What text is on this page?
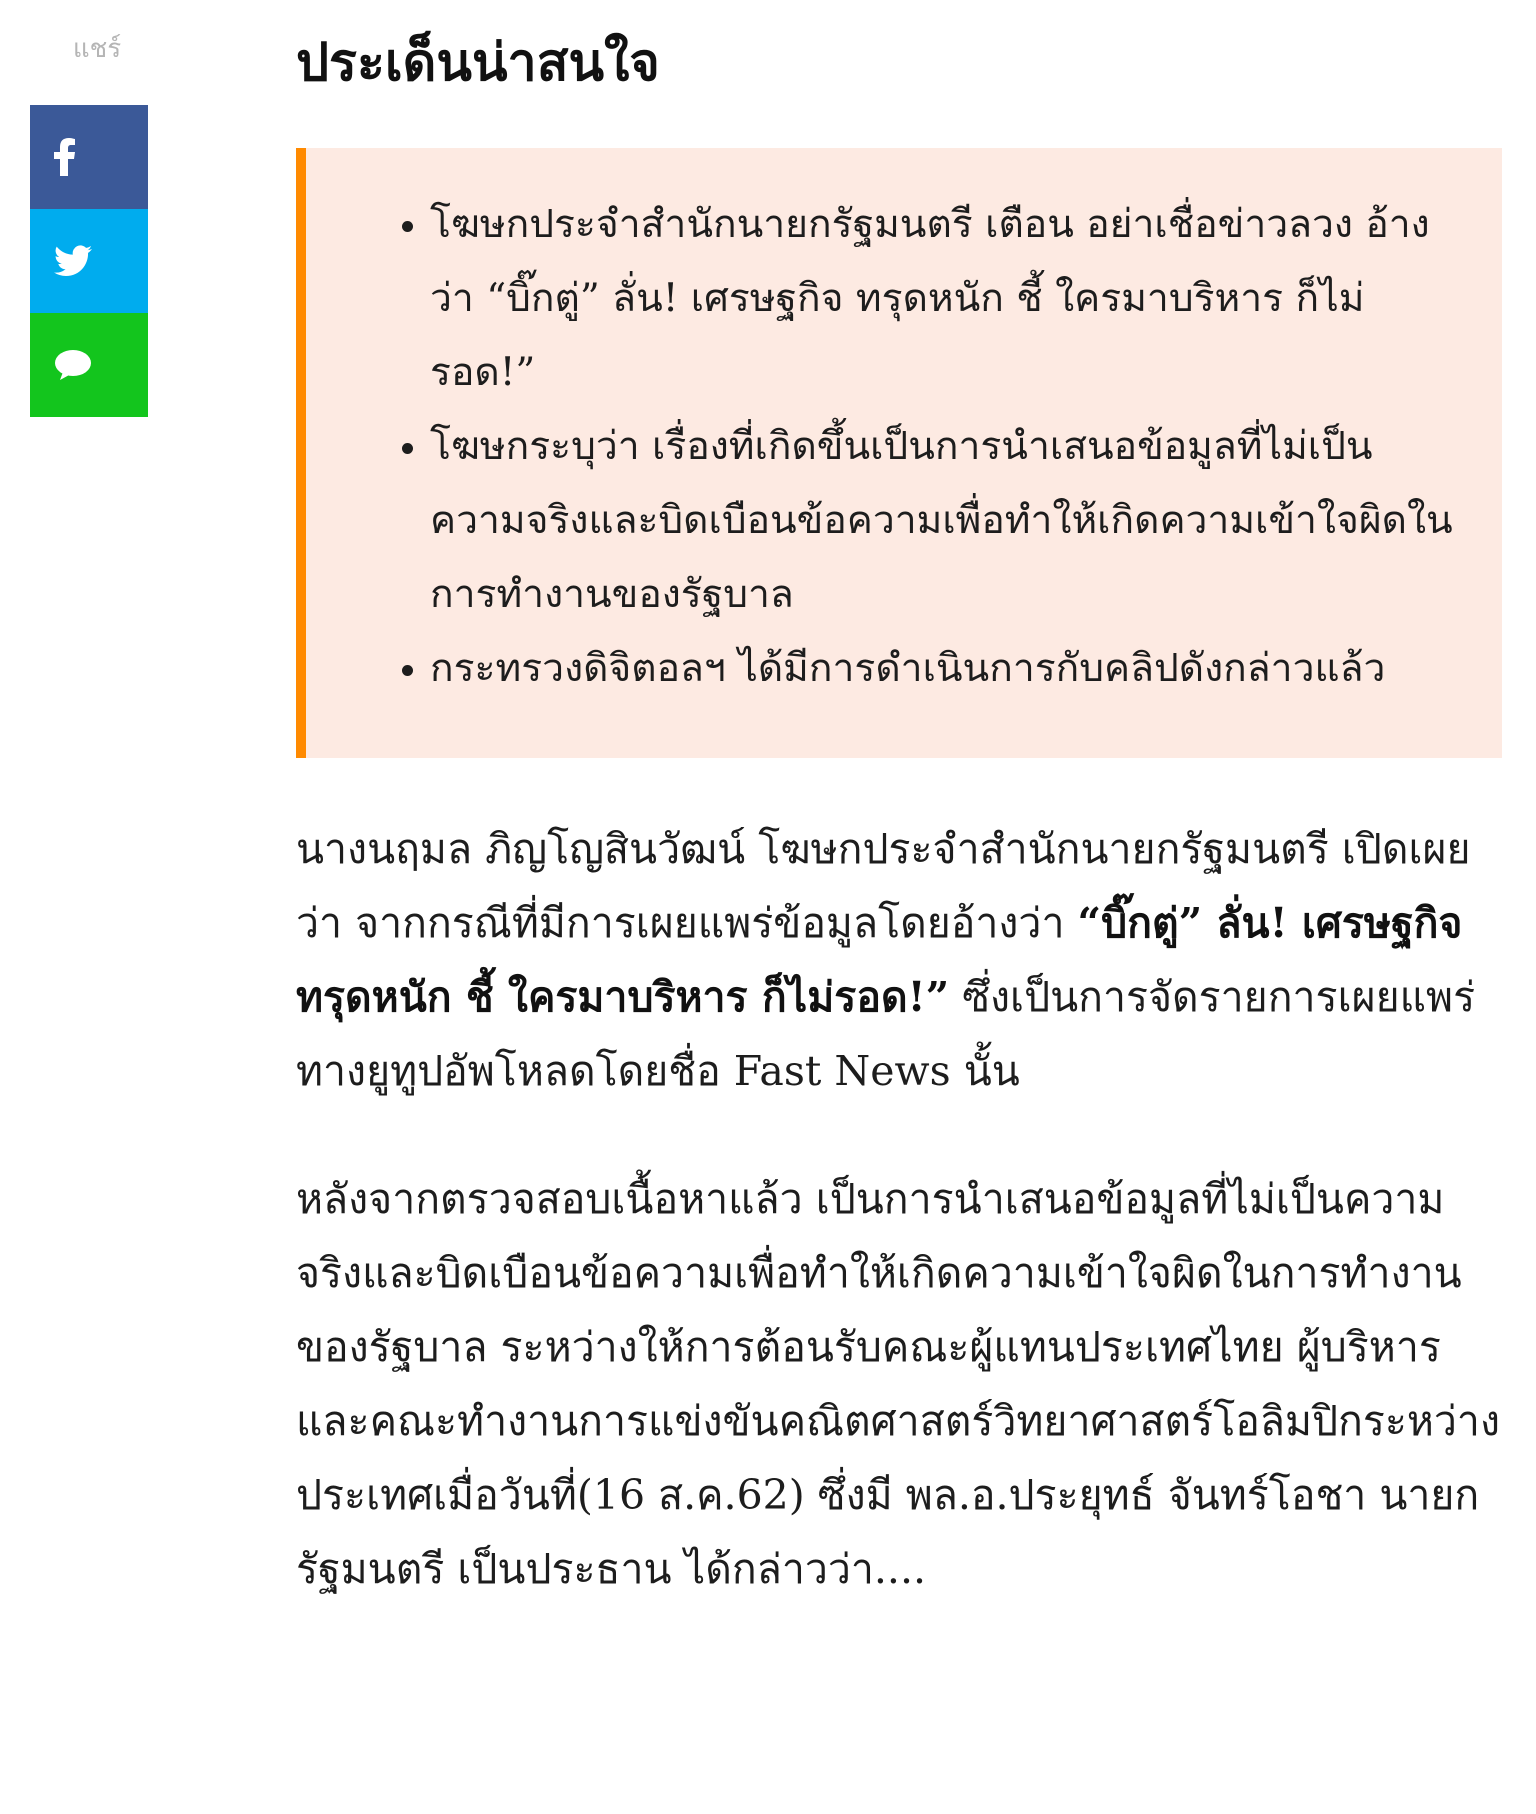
แชร์	ประเด็นน่าสนใจ
• โฆษกประจำสำนักนายกรัฐมนตรี เตือน อย่าเชื่อข่าวลวง อ้างว่า “บิ๊กตู่” ลั่น! เศรษฐกิจ ทรุดหนัก ชี้ ใครมาบริหาร ก็ไม่รอด!”
• โฆษกระบุว่า เรื่องที่เกิดขึ้นเป็นการนำเสนอข้อมูลที่ไม่เป็นความจริงและบิดเบือนข้อความเพื่อทำให้เกิดความเข้าใจผิดในการทำงานของรัฐบาล
• กระทรวงดิจิตอลฯ ได้มีการดำเนินการกับคลิปดังกล่าวแล้ว

นางนฤมล ภิญโญสินวัฒน์ โฆษกประจำสำนักนายกรัฐมนตรี เปิดเผยว่า จากกรณีที่มีการเผยแพร่ข้อมูลโดยอ้างว่า “บิ๊กตู่” ลั่น! เศรษฐกิจ ทรุดหนัก ชี้ ใครมาบริหาร ก็ไม่รอด!” ซึ่งเป็นการจัดรายการเผยแพร่ทางยูทูปอัพโหลดโดยชื่อ Fast News นั้น

หลังจากตรวจสอบเนื้อหาแล้ว เป็นการนำเสนอข้อมูลที่ไม่เป็นความจริงและบิดเบือนข้อความเพื่อทำให้เกิดความเข้าใจผิดในการทำงานของรัฐบาล ระหว่างให้การต้อนรับคณะผู้แทนประเทศไทย ผู้บริหารและคณะทำงานการแข่งขันคณิตศาสตร์วิทยาศาสตร์โอลิมปิกระหว่างประเทศเมื่อวันที่(16 ส.ค.62) ซึ่งมี พล.อ.ประยุทธ์ จันทร์โอชา นายกรัฐมนตรี เป็นประธาน ได้กล่าวว่า....
